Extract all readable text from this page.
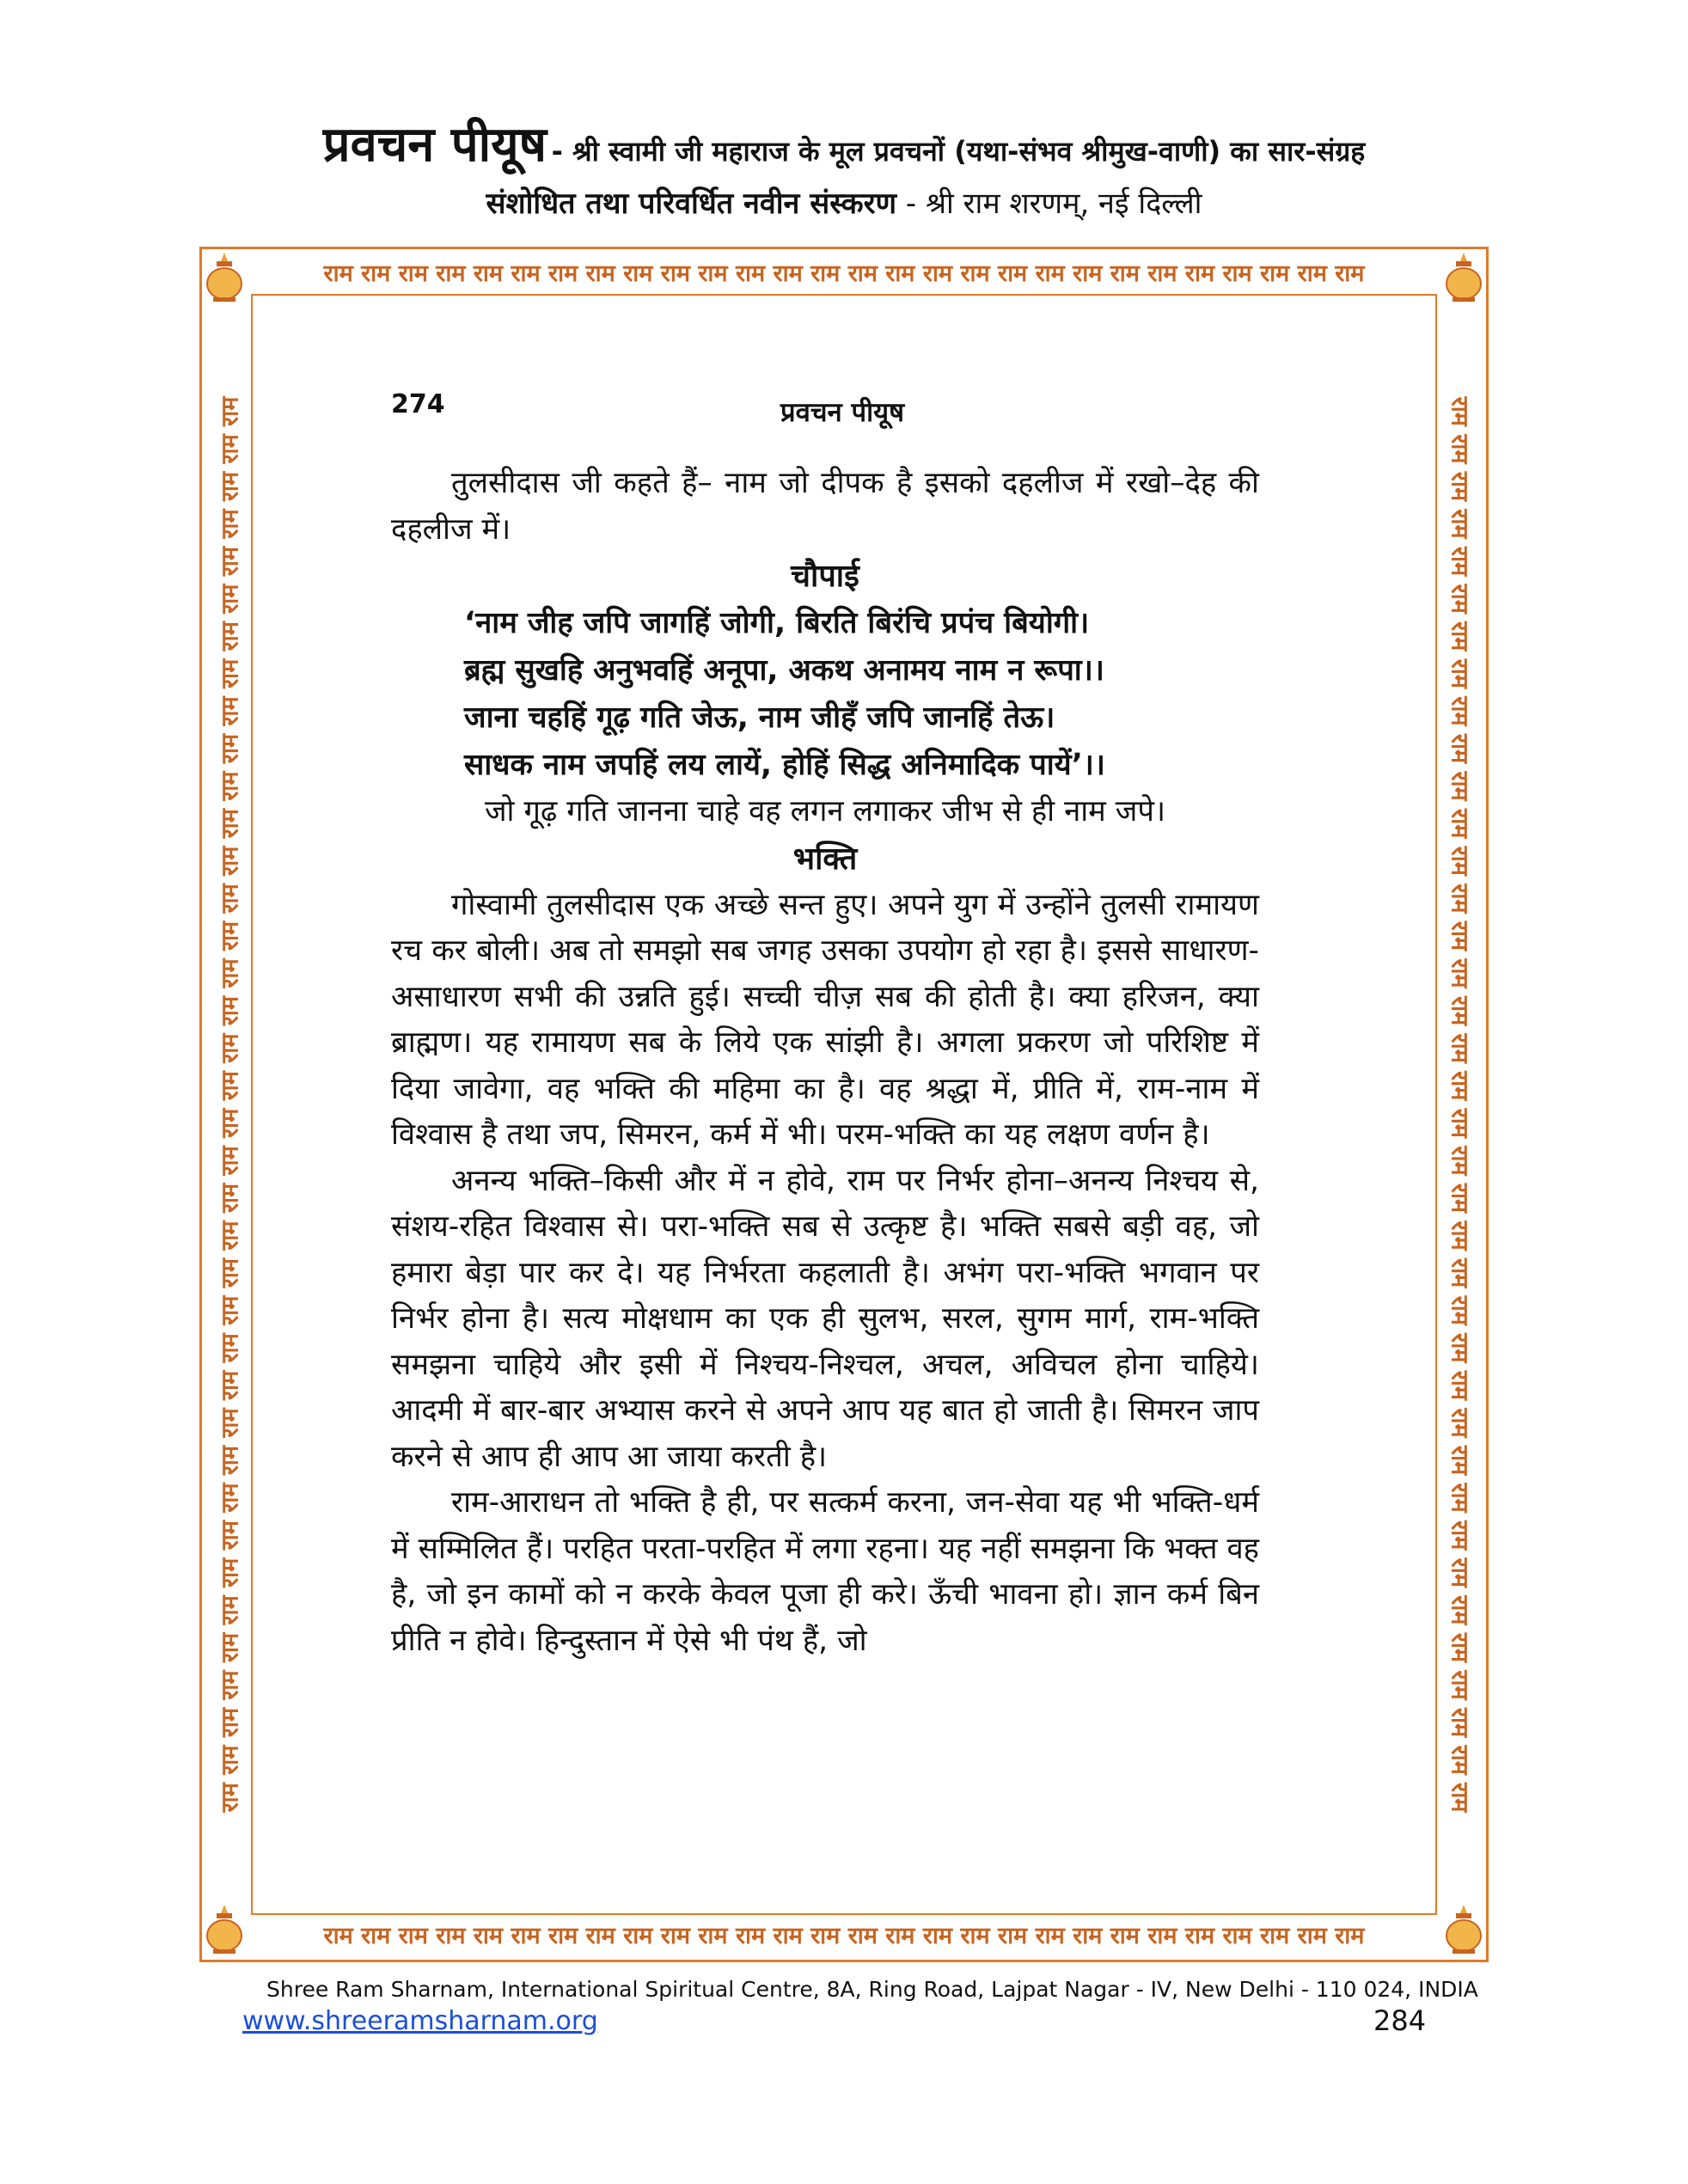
प्रवचन पीयूष - श्री स्वामी जी महाराज के मूल प्रवचनों (यथा-संभव श्रीमुख-वाणी) का सार-संग्रह
संशोधित तथा परिवर्धित नवीन संस्करण - श्री राम शरणम्, नई दिल्ली
राम राम राम राम राम राम राम राम राम राम राम राम राम राम राम राम राम राम राम राम राम राम राम राम राम राम राम राम
राम राम राम राम राम राम राम राम राम राम राम राम राम राम राम राम राम राम राम राम राम राम राम राम राम राम राम राम
राम राम राम राम राम राम राम राम राम राम राम राम राम राम राम राम राम राम राम राम राम राम राम राम राम राम राम राम राम राम राम राम राम राम राम राम राम राम	राम राम राम राम राम राम राम राम राम राम राम राम राम राम राम राम राम राम राम राम राम राम राम राम राम राम राम राम राम राम राम राम राम राम राम राम राम राम
274	प्रवचन पीयूष

तुलसीदास जी कहते हैं– नाम जो दीपक है इसको दहलीज में रखो–देह की दहलीज में।

चौपाई
‘नाम जीह जपि जागहिं जोगी, बिरति बिरंचि प्रपंच बियोगी।
ब्रह्म सुखहि अनुभवहिं अनूपा, अकथ अनामय नाम न रूपा।।
जाना चहहिं गूढ़ गति जेऊ, नाम जीहँ जपि जानहिं तेऊ।
साधक नाम जपहिं लय लायें, होहिं सिद्ध अनिमादिक पायें’।।

जो गूढ़ गति जानना चाहे वह लगन लगाकर जीभ से ही नाम जपे।

भक्ति

गोस्वामी तुलसीदास एक अच्छे सन्त हुए। अपने युग में उन्होंने तुलसी रामायण रच कर बोली। अब तो समझो सब जगह उसका उपयोग हो रहा है। इससे साधारण-असाधारण सभी की उन्नति हुई। सच्ची चीज़ सब की होती है। क्या हरिजन, क्या ब्राह्मण। यह रामायण सब के लिये एक सांझी है। अगला प्रकरण जो परिशिष्ट में दिया जावेगा, वह भक्ति की महिमा का है। वह श्रद्धा में, प्रीति में, राम-नाम में विश्वास है तथा जप, सिमरन, कर्म में भी। परम-भक्ति का यह लक्षण वर्णन है।

अनन्य भक्ति–किसी और में न होवे, राम पर निर्भर होना–अनन्य निश्चय से, संशय-रहित विश्वास से। परा-भक्ति सब से उत्कृष्ट है। भक्ति सबसे बड़ी वह, जो हमारा बेड़ा पार कर दे। यह निर्भरता कहलाती है। अभंग परा-भक्ति भगवान पर निर्भर होना है। सत्य मोक्षधाम का एक ही सुलभ, सरल, सुगम मार्ग, राम-भक्ति समझना चाहिये और इसी में निश्चय-निश्चल, अचल, अविचल होना चाहिये। आदमी में बार-बार अभ्यास करने से अपने आप यह बात हो जाती है। सिमरन जाप करने से आप ही आप आ जाया करती है।

राम-आराधन तो भक्ति है ही, पर सत्कर्म करना, जन-सेवा यह भी भक्ति-धर्म में सम्मिलित हैं। परहित परता-परहित में लगा रहना। यह नहीं समझना कि भक्त वह है, जो इन कामों को न करके केवल पूजा ही करे। ऊँची भावना हो। ज्ञान कर्म बिन प्रीति न होवे। हिन्दुस्तान में ऐसे भी पंथ हैं, जो

Shree Ram Sharnam, International Spiritual Centre, 8A, Ring Road, Lajpat Nagar - IV, New Delhi - 110 024, INDIA
www.shreeramsharnam.org	284
